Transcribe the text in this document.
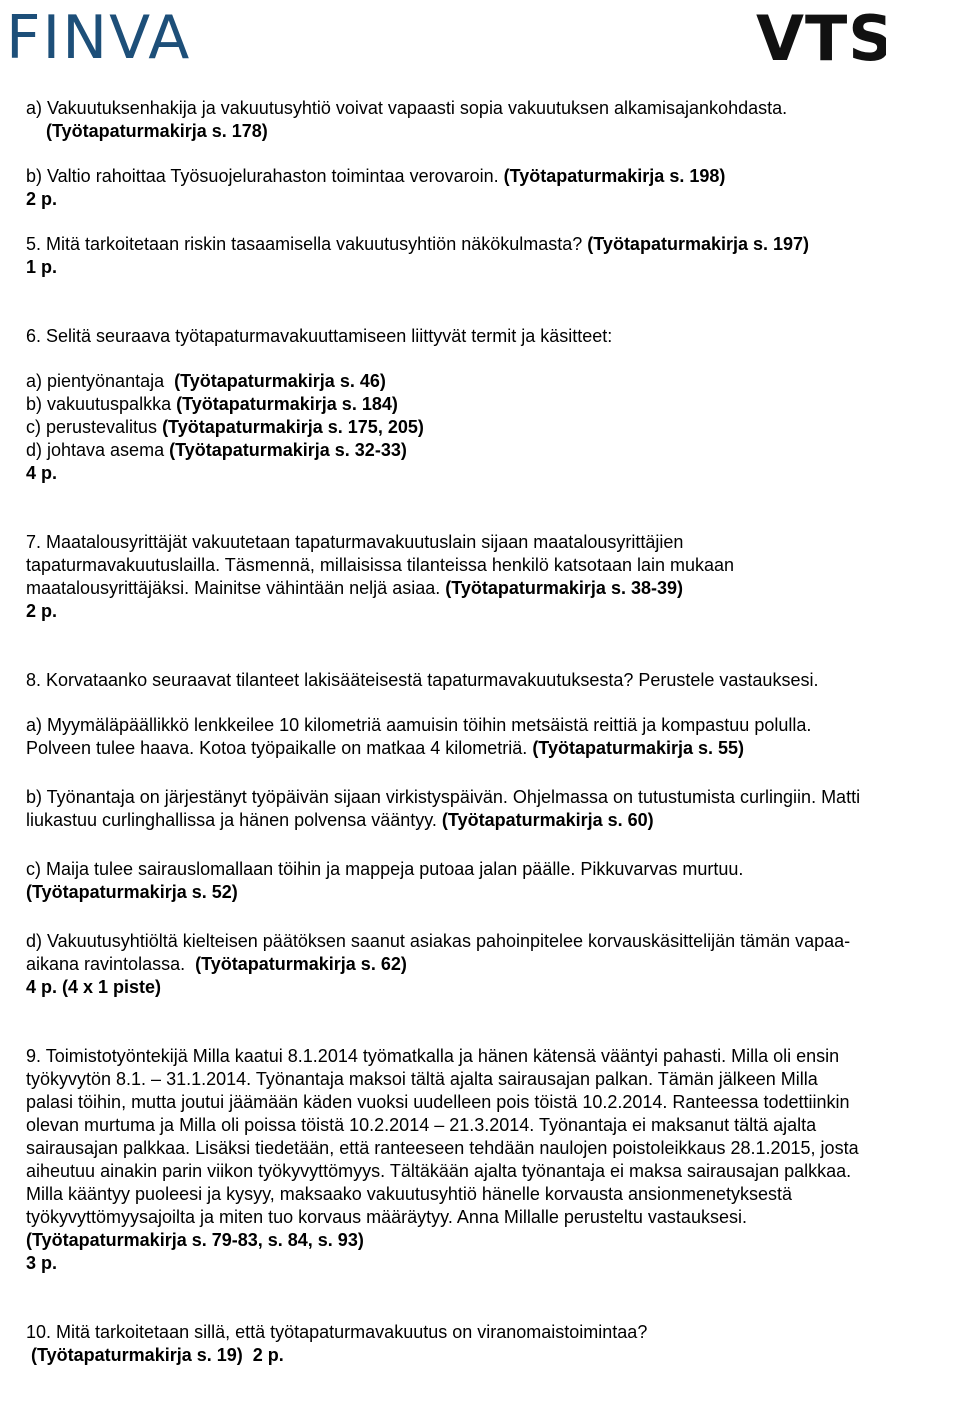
FINVA	VTS
a) Vakuutuksenhakija ja vakuutusyhtiö voivat vapaasti sopia vakuutuksen alkamisajankohdasta.
(Työtapaturmakirja s. 178)
b) Valtio rahoittaa Työsuojelurahaston toimintaa verovaroin. (Työtapaturmakirja s. 198)
2 p.
5. Mitä tarkoitetaan riskin tasaamisella vakuutusyhtiön näkökulmasta? (Työtapaturmakirja s. 197)
1 p.
6. Selitä seuraava työtapaturmavakuuttamiseen liittyvät termit ja käsitteet:
a) pientyönantaja  (Työtapaturmakirja s. 46)
b) vakuutuspalkka (Työtapaturmakirja s. 184)
c) perustevalitus (Työtapaturmakirja s. 175, 205)
d) johtava asema (Työtapaturmakirja s. 32-33)
4 p.
7. Maatalousyrittäjät vakuutetaan tapaturmavakuutuslain sijaan maatalousyrittäjien
tapaturmavakuutuslailla. Täsmennä, millaisissa tilanteissa henkilö katsotaan lain mukaan
maatalousyrittäjäksi. Mainitse vähintään neljä asiaa. (Työtapaturmakirja s. 38-39)
2 p.
8. Korvataanko seuraavat tilanteet lakisääteisestä tapaturmavakuutuksesta? Perustele vastauksesi.
a) Myymäläpäällikkö lenkkeilee 10 kilometriä aamuisin töihin metsäistä reittiä ja kompastuu polulla.
Polveen tulee haava. Kotoa työpaikalle on matkaa 4 kilometriä. (Työtapaturmakirja s. 55)
b) Työnantaja on järjestänyt työpäivän sijaan virkistyspäivän. Ohjelmassa on tutustumista curlingiin. Matti
liukastuu curlinghallissa ja hänen polvensa vääntyy. (Työtapaturmakirja s. 60)
c) Maija tulee sairauslomallaan töihin ja mappeja putoaa jalan päälle. Pikkuvarvas murtuu.
(Työtapaturmakirja s. 52)
d) Vakuutusyhtiöltä kielteisen päätöksen saanut asiakas pahoinpitelee korvauskäsittelijän tämän vapaa-
aikana ravintolassa.  (Työtapaturmakirja s. 62)
4 p. (4 x 1 piste)
9. Toimistotyöntekijä Milla kaatui 8.1.2014 työmatkalla ja hänen kätensä vääntyi pahasti. Milla oli ensin
työkyvytön 8.1. – 31.1.2014. Työnantaja maksoi tältä ajalta sairausajan palkan. Tämän jälkeen Milla
palasi töihin, mutta joutui jäämään käden vuoksi uudelleen pois töistä 10.2.2014. Ranteessa todettiinkin
olevan murtuma ja Milla oli poissa töistä 10.2.2014 – 21.3.2014. Työnantaja ei maksanut tältä ajalta
sairausajan palkkaa. Lisäksi tiedetään, että ranteeseen tehdään naulojen poistoleikkaus 28.1.2015, josta
aiheutuu ainakin parin viikon työkyvyttömyys. Tältäkään ajalta työnantaja ei maksa sairausajan palkkaa.
Milla kääntyy puoleesi ja kysyy, maksaako vakuutusyhtiö hänelle korvausta ansionmenetyksestä
työkyvyttömyysajoilta ja miten tuo korvaus määräytyy. Anna Millalle perusteltu vastauksesi.
(Työtapaturmakirja s. 79-83, s. 84, s. 93)
3 p.
10. Mitä tarkoitetaan sillä, että työtapaturmavakuutus on viranomaistoimintaa?
(Työtapaturmakirja s. 19)  2 p.
